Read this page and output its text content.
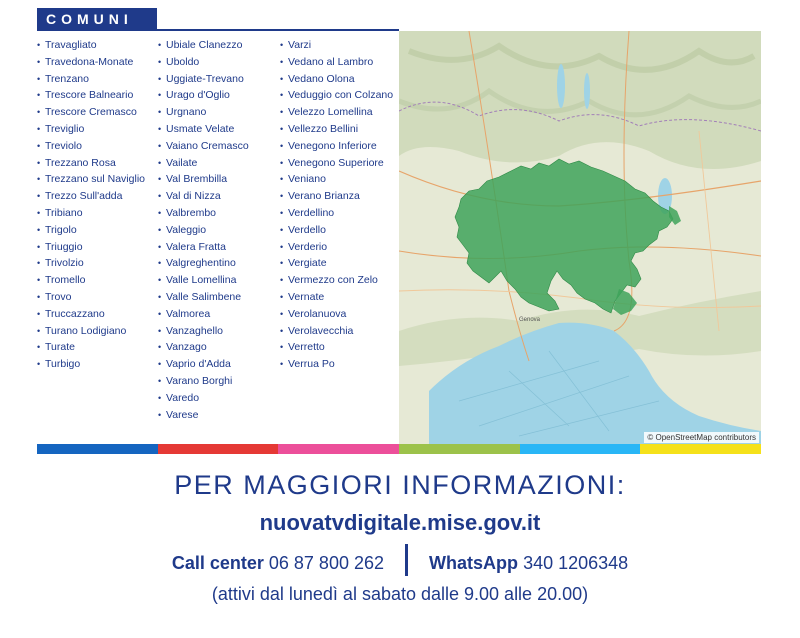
COMUNI
• Travagliato
• Travedona-Monate
• Trenzano
• Trescore Balneario
• Trescore Cremasco
• Treviglio
• Treviolo
• Trezzano Rosa
• Trezzano sul Naviglio
• Trezzo Sull'adda
• Tribiano
• Trigolo
• Triuggio
• Trivolzio
• Tromello
• Trovo
• Truccazzano
• Turano Lodigiano
• Turate
• Turbigo
• Ubiale Clanezzo
• Uboldo
• Uggiate-Trevano
• Urago d'Oglio
• Urgnano
• Usmate Velate
• Vaiano Cremasco
• Vailate
• Val Brembilla
• Val di Nizza
• Valbrembo
• Valeggio
• Valera Fratta
• Valgreghentino
• Valle Lomellina
• Valle Salimbene
• Valmorea
• Vanzaghello
• Vanzago
• Vaprio d'Adda
• Varano Borghi
• Varedo
• Varese
• Varzi
• Vedano al Lambro
• Vedano Olona
• Veduggio con Colzano
• Velezzo Lomellina
• Vellezzo Bellini
• Venegono Inferiore
• Venegono Superiore
• Veniano
• Verano Brianza
• Verdellino
• Verdello
• Verderio
• Vergiate
• Vermezzo con Zelo
• Vernate
• Verolanuova
• Verolavecchia
• Verretto
• Verrua Po
Genova
© OpenStreetMap contributors
PER MAGGIORI INFORMAZIONI:
nuovatvdigitale.mise.gov.it
Call center 06 87 800 262	WhatsApp 340 1206348
(attivi dal lunedì al sabato dalle 9.00 alle 20.00)
